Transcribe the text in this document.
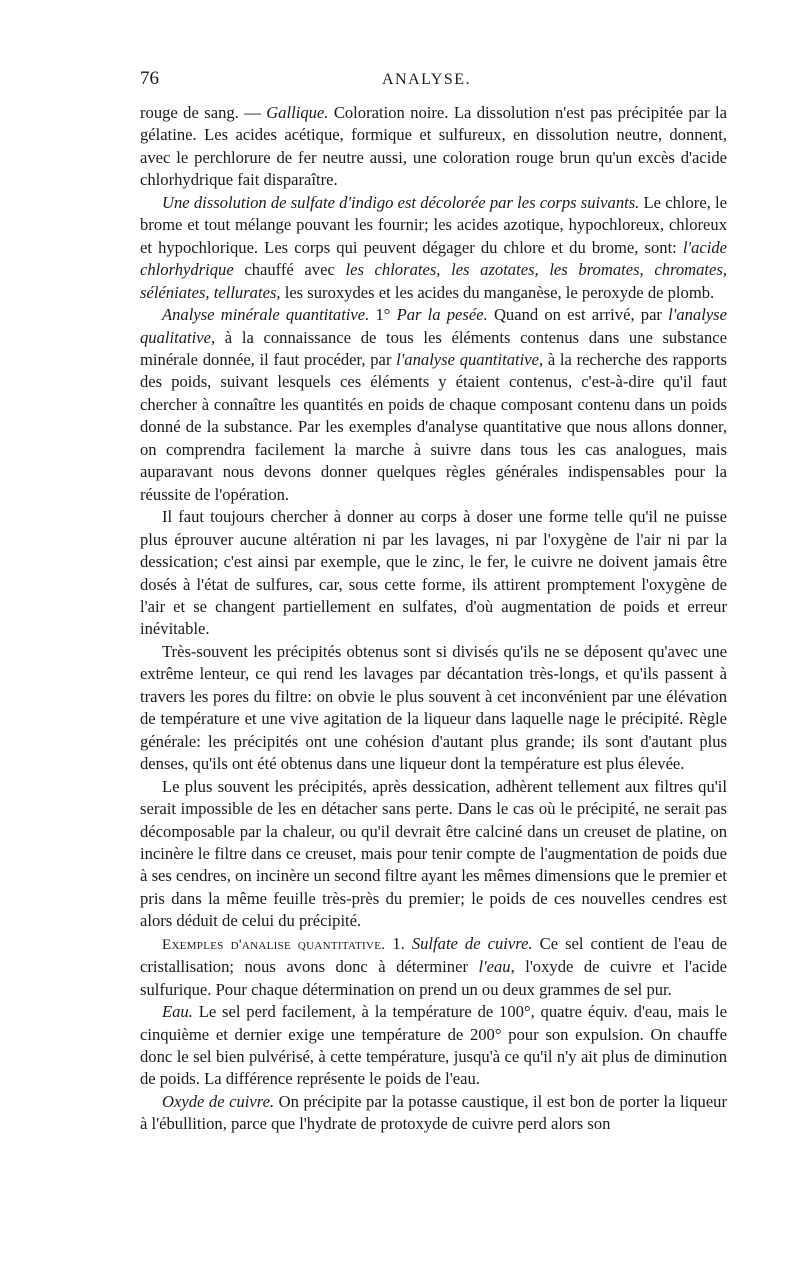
76	ANALYSE.

rouge de sang. — Gallique. Coloration noire. La dissolution n'est pas précipitée par la gélatine. Les acides acétique, formique et sulfureux, en dissolution neutre, donnent, avec le perchlorure de fer neutre aussi, une coloration rouge brun qu'un excès d'acide chlorhydrique fait disparaître.

Une dissolution de sulfate d'indigo est décolorée par les corps suivants. Le chlore, le brome et tout mélange pouvant les fournir; les acides azotique, hypochloreux, chloreux et hypochlorique. Les corps qui peuvent dégager du chlore et du brome, sont: l'acide chlorhydrique chauffé avec les chlorates, les azotates, les bromates, chromates, séléniates, tellurates, les suroxydes et les acides du manganèse, le peroxyde de plomb.

Analyse minérale quantitative. 1° Par la pesée. Quand on est arrivé, par l'analyse qualitative, à la connaissance de tous les éléments contenus dans une substance minérale donnée, il faut procéder, par l'analyse quantitative, à la recherche des rapports des poids, suivant lesquels ces éléments y étaient contenus, c'est-à-dire qu'il faut chercher à connaître les quantités en poids de chaque composant contenu dans un poids donné de la substance. Par les exemples d'analyse quantitative que nous allons donner, on comprendra facilement la marche à suivre dans tous les cas analogues, mais auparavant nous devons donner quelques règles générales indispensables pour la réussite de l'opération.

Il faut toujours chercher à donner au corps à doser une forme telle qu'il ne puisse plus éprouver aucune altération ni par les lavages, ni par l'oxygène de l'air ni par la dessication; c'est ainsi par exemple, que le zinc, le fer, le cuivre ne doivent jamais être dosés à l'état de sulfures, car, sous cette forme, ils attirent promptement l'oxygène de l'air et se changent partiellement en sulfates, d'où augmentation de poids et erreur inévitable.

Très-souvent les précipités obtenus sont si divisés qu'ils ne se déposent qu'avec une extrême lenteur, ce qui rend les lavages par décantation très-longs, et qu'ils passent à travers les pores du filtre: on obvie le plus souvent à cet inconvénient par une élévation de température et une vive agitation de la liqueur dans laquelle nage le précipité. Règle générale: les précipités ont une cohésion d'autant plus grande; ils sont d'autant plus denses, qu'ils ont été obtenus dans une liqueur dont la température est plus élevée.

Le plus souvent les précipités, après dessication, adhèrent tellement aux filtres qu'il serait impossible de les en détacher sans perte. Dans le cas où le précipité, ne serait pas décomposable par la chaleur, ou qu'il devrait être calciné dans un creuset de platine, on incinère le filtre dans ce creuset, mais pour tenir compte de l'augmentation de poids due à ses cendres, on incinère un second filtre ayant les mêmes dimensions que le premier et pris dans la même feuille très-près du premier; le poids de ces nouvelles cendres est alors déduit de celui du précipité.

Exemples d'analise quantitative. 1. Sulfate de cuivre. Ce sel contient de l'eau de cristallisation; nous avons donc à déterminer l'eau, l'oxyde de cuivre et l'acide sulfurique. Pour chaque détermination on prend un ou deux grammes de sel pur.

Eau. Le sel perd facilement, à la température de 100°, quatre équiv. d'eau, mais le cinquième et dernier exige une température de 200° pour son expulsion. On chauffe donc le sel bien pulvérisé, à cette température, jusqu'à ce qu'il n'y ait plus de diminution de poids. La différence représente le poids de l'eau.

Oxyde de cuivre. On précipite par la potasse caustique, il est bon de porter la liqueur à l'ébullition, parce que l'hydrate de protoxyde de cuivre perd alors son
